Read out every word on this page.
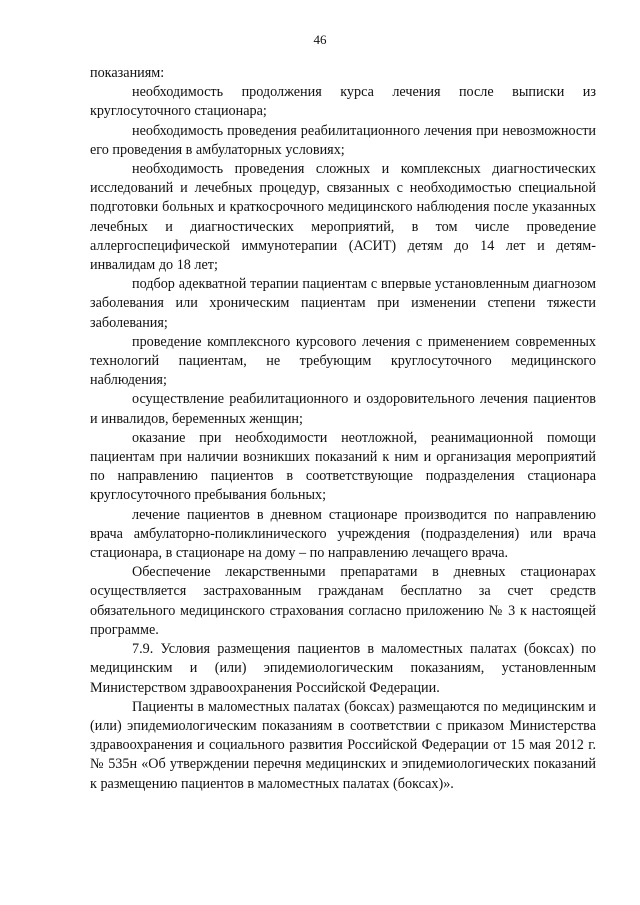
46

показаниям:

необходимость продолжения курса лечения после выписки из круглосуточного стационара;

необходимость проведения реабилитационного лечения при невозможности его проведения в амбулаторных условиях;

необходимость проведения сложных и комплексных диагностических исследований и лечебных процедур, связанных с необходимостью специальной подготовки больных и краткосрочного медицинского наблюдения после указанных лечебных и диагностических мероприятий, в том числе проведение аллергоспецифической иммунотерапии (АСИТ) детям до 14 лет и детям-инвалидам до 18 лет;

подбор адекватной терапии пациентам с впервые установленным диагнозом заболевания или хроническим пациентам при изменении степени тяжести заболевания;

проведение комплексного курсового лечения с применением современных технологий пациентам, не требующим круглосуточного медицинского наблюдения;

осуществление реабилитационного и оздоровительного лечения пациентов и инвалидов, беременных женщин;

оказание при необходимости неотложной, реанимационной помощи пациентам при наличии возникших показаний к ним и организация мероприятий по направлению пациентов в соответствующие подразделения стационара круглосуточного пребывания больных;

лечение пациентов в дневном стационаре производится по направлению врача амбулаторно-поликлинического учреждения (подразделения) или врача стационара, в стационаре на дому – по направлению лечащего врача.

Обеспечение лекарственными препаратами в дневных стационарах осуществляется застрахованным гражданам бесплатно за счет средств обязательного медицинского страхования согласно приложению № 3 к настоящей программе.

7.9. Условия размещения пациентов в маломестных палатах (боксах) по медицинским и (или) эпидемиологическим показаниям, установленным Министерством здравоохранения Российской Федерации.

Пациенты в маломестных палатах (боксах) размещаются по медицинским и (или) эпидемиологическим показаниям в соответствии с приказом Министерства здравоохранения и социального развития Российской Федерации от 15 мая 2012 г. № 535н «Об утверждении перечня медицинских и эпидемиологических показаний к размещению пациентов в маломестных палатах (боксах)».
